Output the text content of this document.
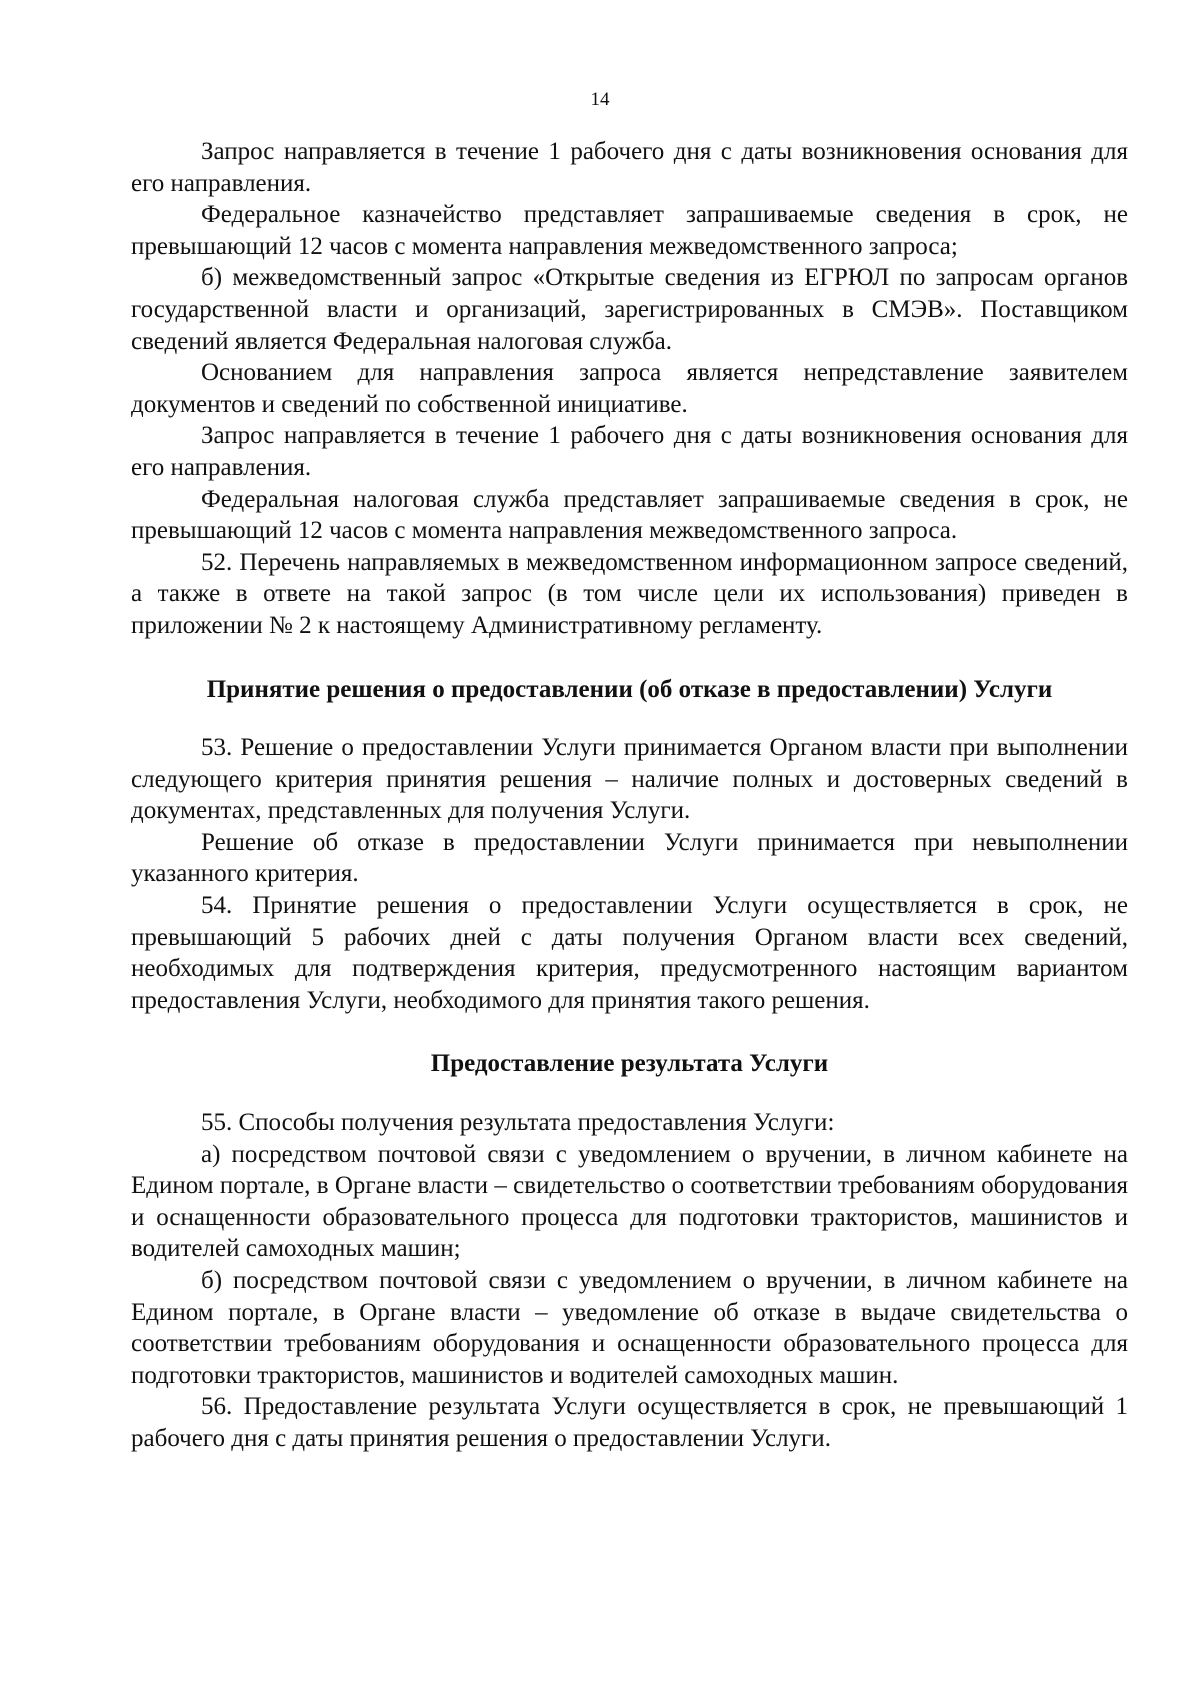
14

Запрос направляется в течение 1 рабочего дня с даты возникновения основания для его направления.

Федеральное казначейство представляет запрашиваемые сведения в срок, не превышающий 12 часов с момента направления межведомственного запроса;

б) межведомственный запрос «Открытые сведения из ЕГРЮЛ по запросам органов государственной власти и организаций, зарегистрированных в СМЭВ». Поставщиком сведений является Федеральная налоговая служба.

Основанием для направления запроса является непредставление заявителем документов и сведений по собственной инициативе.

Запрос направляется в течение 1 рабочего дня с даты возникновения основания для его направления.

Федеральная налоговая служба представляет запрашиваемые сведения в срок, не превышающий 12 часов с момента направления межведомственного запроса.

52. Перечень направляемых в межведомственном информационном запросе сведений, а также в ответе на такой запрос (в том числе цели их использования) приведен в приложении № 2 к настоящему Административному регламенту.

Принятие решения о предоставлении (об отказе в предоставлении) Услуги

53. Решение о предоставлении Услуги принимается Органом власти при выполнении следующего критерия принятия решения – наличие полных и достоверных сведений в документах, представленных для получения Услуги.

Решение об отказе в предоставлении Услуги принимается при невыполнении указанного критерия.

54. Принятие решения о предоставлении Услуги осуществляется в срок, не превышающий 5 рабочих дней с даты получения Органом власти всех сведений, необходимых для подтверждения критерия, предусмотренного настоящим вариантом предоставления Услуги, необходимого для принятия такого решения.

Предоставление результата Услуги

55. Способы получения результата предоставления Услуги:

а) посредством почтовой связи с уведомлением о вручении, в личном кабинете на Едином портале, в Органе власти – свидетельство о соответствии требованиям оборудования и оснащенности образовательного процесса для подготовки трактористов, машинистов и водителей самоходных машин;

б) посредством почтовой связи с уведомлением о вручении, в личном кабинете на Едином портале, в Органе власти – уведомление об отказе в выдаче свидетельства о соответствии требованиям оборудования и оснащенности образовательного процесса для подготовки трактористов, машинистов и водителей самоходных машин.

56. Предоставление результата Услуги осуществляется в срок, не превышающий 1 рабочего дня с даты принятия решения о предоставлении Услуги.
